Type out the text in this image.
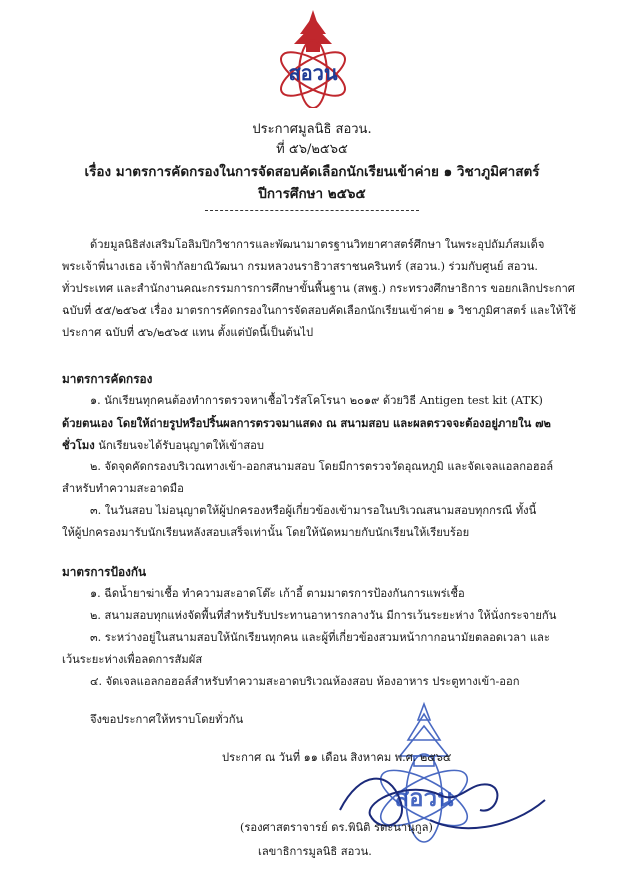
สอวน
ประกาศมูลนิธิ สอวน.
ที่ ๕๖/๒๕๖๕
เรื่อง มาตรการคัดกรองในการจัดสอบคัดเลือกนักเรียนเข้าค่าย ๑ วิชาภูมิศาสตร์
ปีการศึกษา ๒๕๖๕
ด้วยมูลนิธิส่งเสริมโอลิมปิกวิชาการและพัฒนามาตรฐานวิทยาศาสตร์ศึกษา ในพระอุปถัมภ์สมเด็จ
พระเจ้าพี่นางเธอ เจ้าฟ้ากัลยาณิวัฒนา กรมหลวงนราธิวาสราชนครินทร์ (สอวน.) ร่วมกับศูนย์ สอวน.
ทั่วประเทศ และสำนักงานคณะกรรมการการศึกษาขั้นพื้นฐาน (สพฐ.) กระทรวงศึกษาธิการ ขอยกเลิกประกาศ
ฉบับที่ ๕๕/๒๕๖๕ เรื่อง มาตรการคัดกรองในการจัดสอบคัดเลือกนักเรียนเข้าค่าย ๑ วิชาภูมิศาสตร์ และให้ใช้
ประกาศ ฉบับที่ ๕๖/๒๕๖๕ แทน ตั้งแต่บัดนี้เป็นต้นไป
มาตรการคัดกรอง
๑. นักเรียนทุกคนต้องทำการตรวจหาเชื้อไวรัสโคโรนา ๒๐๑๙ ด้วยวิธี Antigen test kit (ATK)
ด้วยตนเอง โดยให้ถ่ายรูปหรือปริ้นผลการตรวจมาแสดง ณ สนามสอบ และผลตรวจจะต้องอยู่ภายใน ๗๒
ชั่วโมง นักเรียนจะได้รับอนุญาตให้เข้าสอบ
๒. จัดจุดคัดกรองบริเวณทางเข้า-ออกสนามสอบ โดยมีการตรวจวัดอุณหภูมิ และจัดเจลแอลกอฮอล์
สำหรับทำความสะอาดมือ
๓. ในวันสอบ ไม่อนุญาตให้ผู้ปกครองหรือผู้เกี่ยวข้องเข้ามารอในบริเวณสนามสอบทุกกรณี ทั้งนี้
ให้ผู้ปกครองมารับนักเรียนหลังสอบเสร็จเท่านั้น โดยให้นัดหมายกับนักเรียนให้เรียบร้อย
มาตรการป้องกัน
๑. ฉีดน้ำยาฆ่าเชื้อ ทำความสะอาดโต๊ะ เก้าอี้ ตามมาตรการป้องกันการแพร่เชื้อ
๒. สนามสอบทุกแห่งจัดพื้นที่สำหรับรับประทานอาหารกลางวัน มีการเว้นระยะห่าง ให้นั่งกระจายกัน
๓. ระหว่างอยู่ในสนามสอบให้นักเรียนทุกคน และผู้ที่เกี่ยวข้องสวมหน้ากากอนามัยตลอดเวลา และ
เว้นระยะห่างเพื่อลดการสัมผัส
๔. จัดเจลแอลกอฮอล์สำหรับทำความสะอาดบริเวณห้องสอบ ห้องอาหาร ประตูทางเข้า-ออก
จึงขอประกาศให้ทราบโดยทั่วกัน
สอวน
ประกาศ ณ วันที่ ๑๑ เดือน สิงหาคม พ.ศ. ๒๕๖๕
(รองศาสตราจารย์ ดร.พินิติ รตะนานุกูล)
เลขาธิการมูลนิธิ สอวน.
